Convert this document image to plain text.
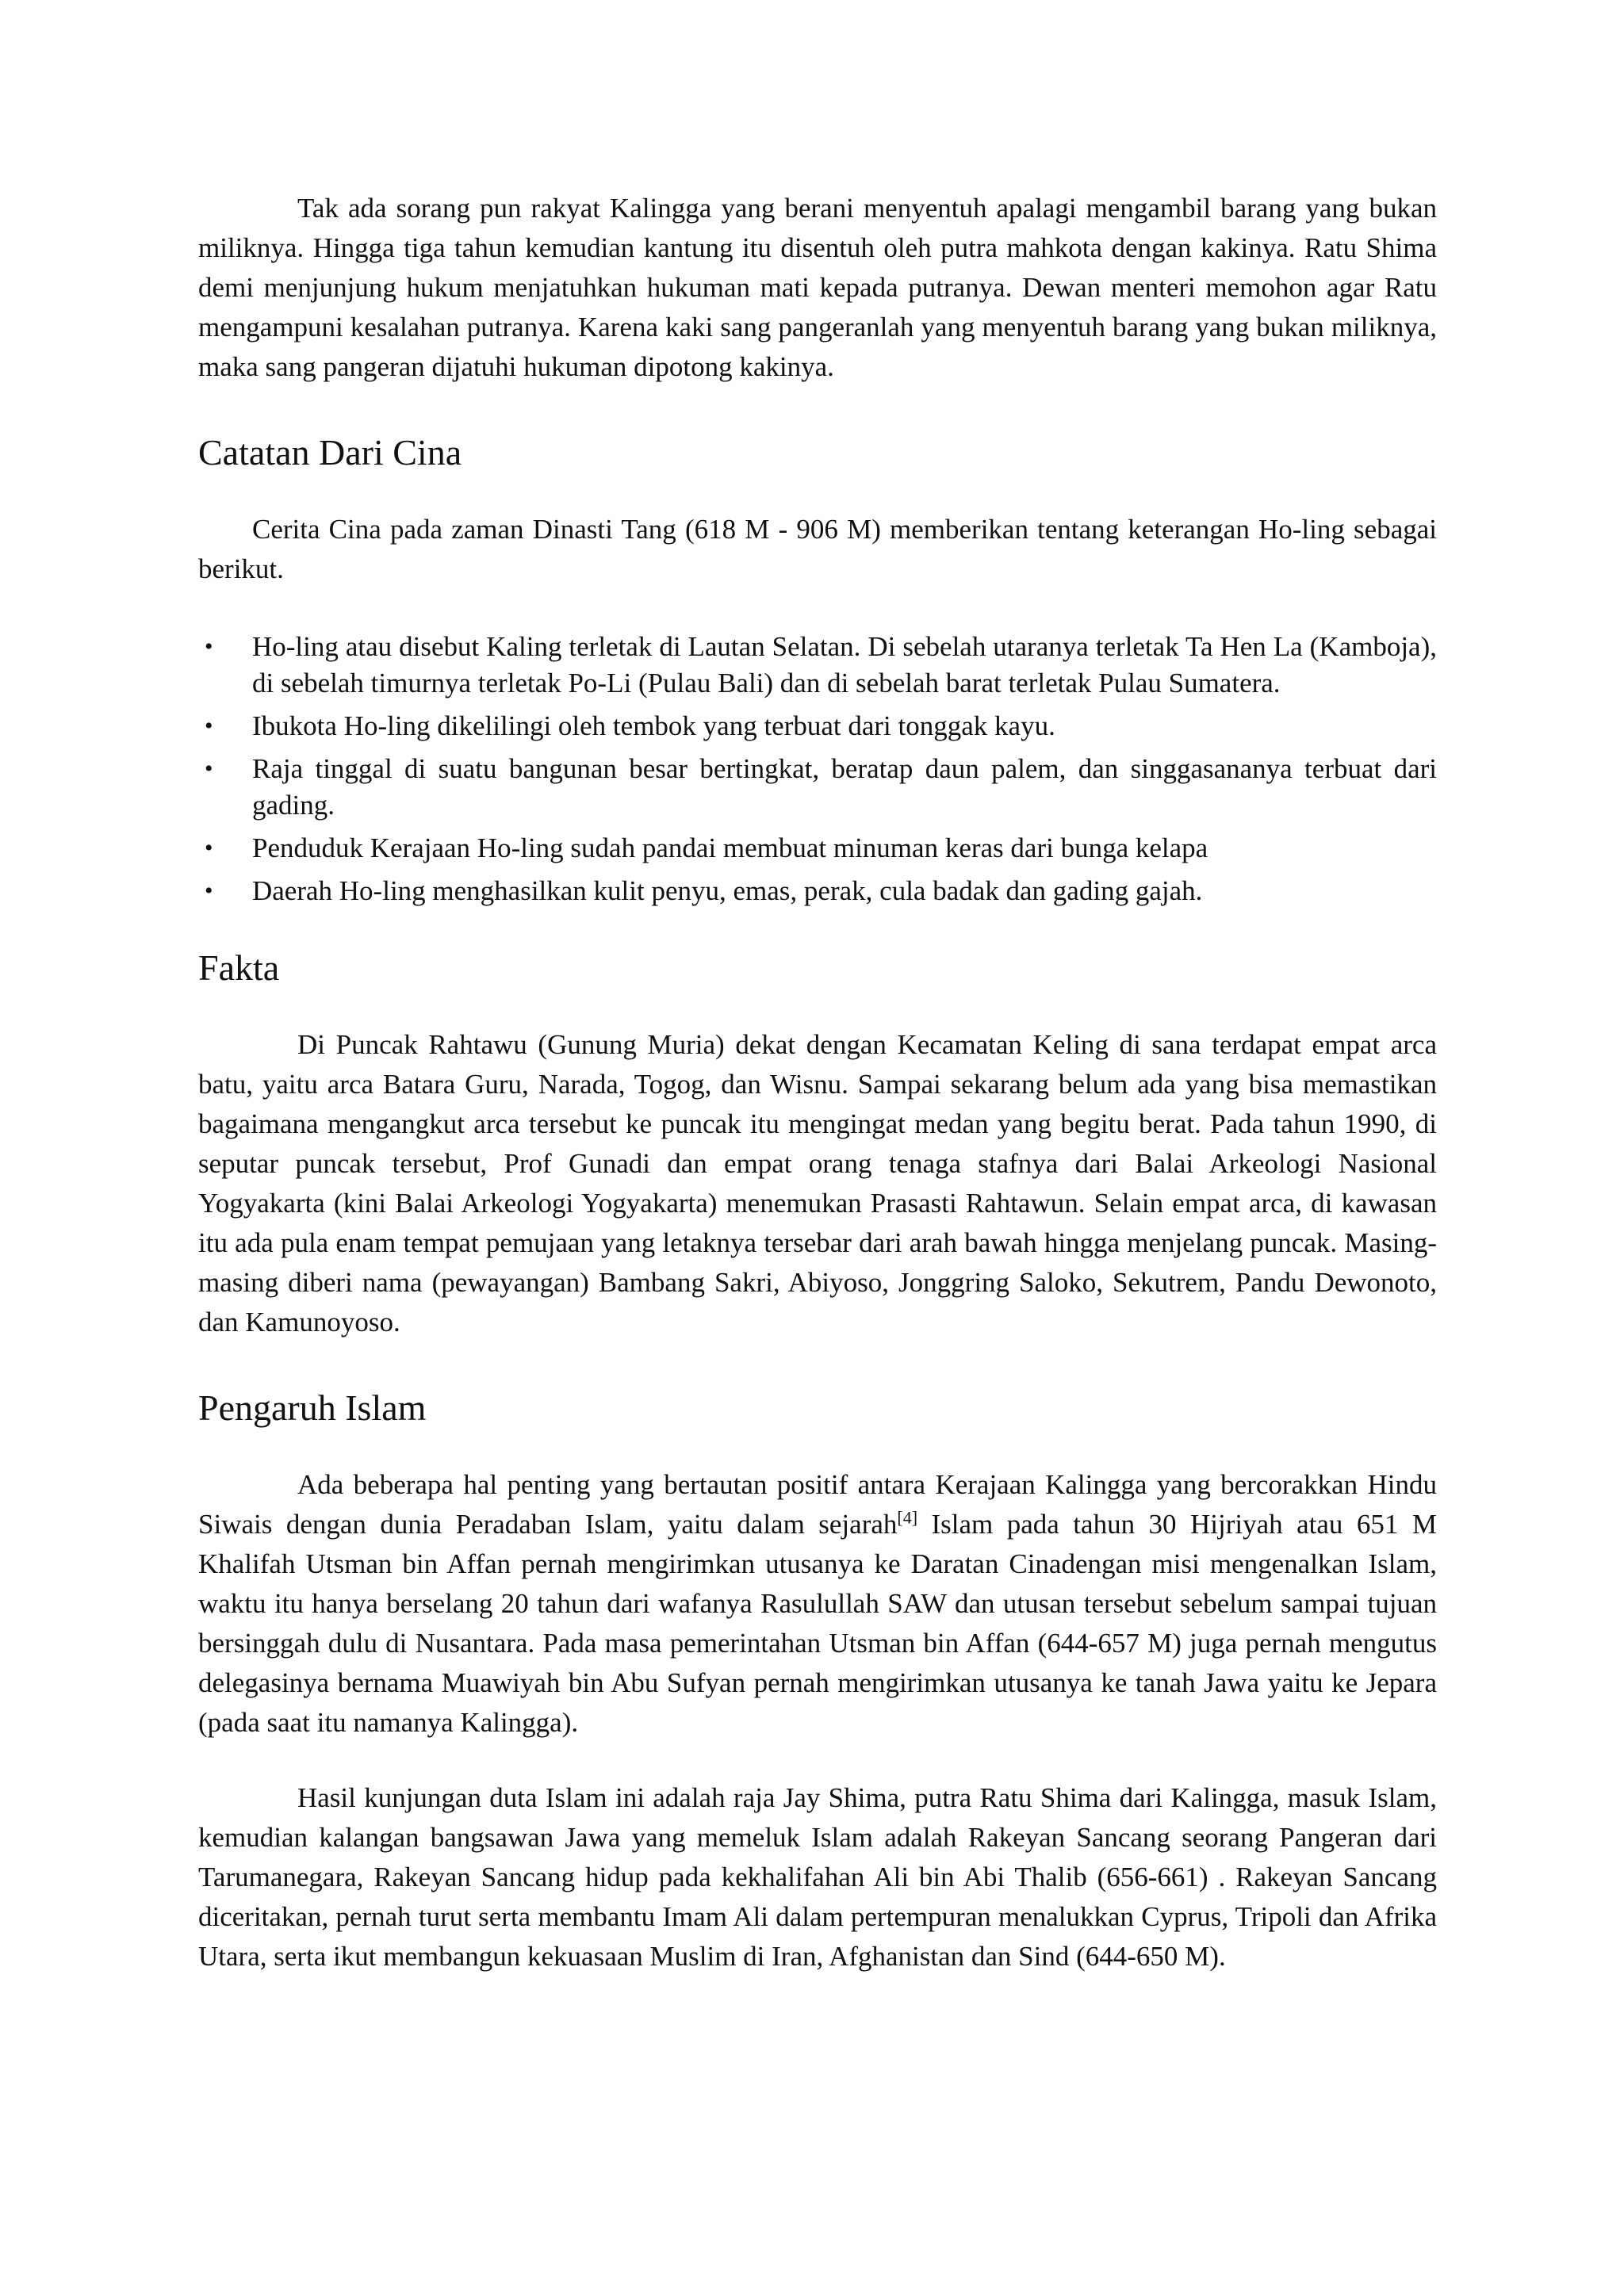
Tak ada sorang pun rakyat Kalingga yang berani menyentuh apalagi mengambil barang yang bukan miliknya. Hingga tiga tahun kemudian kantung itu disentuh oleh putra mahkota dengan kakinya. Ratu Shima demi menjunjung hukum menjatuhkan hukuman mati kepada putranya. Dewan menteri memohon agar Ratu mengampuni kesalahan putranya. Karena kaki sang pangeranlah yang menyentuh barang yang bukan miliknya, maka sang pangeran dijatuhi hukuman dipotong kakinya.

Catatan Dari Cina

Cerita Cina pada zaman Dinasti Tang (618 M - 906 M) memberikan tentang keterangan Ho-ling sebagai berikut.

• Ho-ling atau disebut Kaling terletak di Lautan Selatan. Di sebelah utaranya terletak Ta Hen La (Kamboja), di sebelah timurnya terletak Po-Li (Pulau Bali) dan di sebelah barat terletak Pulau Sumatera.
• Ibukota Ho-ling dikelilingi oleh tembok yang terbuat dari tonggak kayu.
• Raja tinggal di suatu bangunan besar bertingkat, beratap daun palem, dan singgasananya terbuat dari gading.
• Penduduk Kerajaan Ho-ling sudah pandai membuat minuman keras dari bunga kelapa
• Daerah Ho-ling menghasilkan kulit penyu, emas, perak, cula badak dan gading gajah.
Fakta

Di Puncak Rahtawu (Gunung Muria) dekat dengan Kecamatan Keling di sana terdapat empat arca batu, yaitu arca Batara Guru, Narada, Togog, dan Wisnu. Sampai sekarang belum ada yang bisa memastikan bagaimana mengangkut arca tersebut ke puncak itu mengingat medan yang begitu berat. Pada tahun 1990, di seputar puncak tersebut, Prof Gunadi dan empat orang tenaga stafnya dari Balai Arkeologi Nasional Yogyakarta (kini Balai Arkeologi Yogyakarta) menemukan Prasasti Rahtawun. Selain empat arca, di kawasan itu ada pula enam tempat pemujaan yang letaknya tersebar dari arah bawah hingga menjelang puncak. Masing-masing diberi nama (pewayangan) Bambang Sakri, Abiyoso, Jonggring Saloko, Sekutrem, Pandu Dewonoto, dan Kamunoyoso.

Pengaruh Islam

Ada beberapa hal penting yang bertautan positif antara Kerajaan Kalingga yang bercorakkan Hindu Siwais dengan dunia Peradaban Islam, yaitu dalam sejarah[4] Islam pada tahun 30 Hijriyah atau 651 M Khalifah Utsman bin Affan pernah mengirimkan utusanya ke Daratan Cinadengan misi mengenalkan Islam, waktu itu hanya berselang 20 tahun dari wafanya Rasulullah SAW dan utusan tersebut sebelum sampai tujuan bersinggah dulu di Nusantara. Pada masa pemerintahan Utsman bin Affan (644-657 M) juga pernah mengutus delegasinya bernama Muawiyah bin Abu Sufyan pernah mengirimkan utusanya ke tanah Jawa yaitu ke Jepara (pada saat itu namanya Kalingga).

Hasil kunjungan duta Islam ini adalah raja Jay Shima, putra Ratu Shima dari Kalingga, masuk Islam, kemudian kalangan bangsawan Jawa yang memeluk Islam adalah Rakeyan Sancang seorang Pangeran dari Tarumanegara, Rakeyan Sancang hidup pada kekhalifahan Ali bin Abi Thalib (656-661) . Rakeyan Sancang diceritakan, pernah turut serta membantu Imam Ali dalam pertempuran menalukkan Cyprus, Tripoli dan Afrika Utara, serta ikut membangun kekuasaan Muslim di Iran, Afghanistan dan Sind (644-650 M).
